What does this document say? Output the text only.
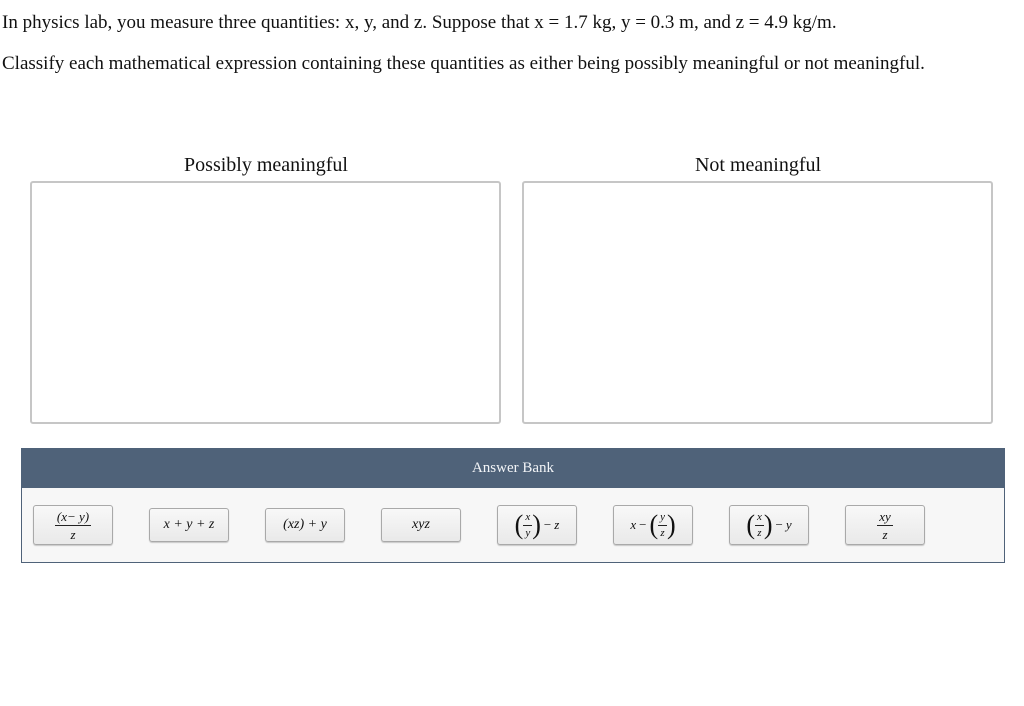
In physics lab, you measure three quantities: x, y, and z. Suppose that x = 1.7 kg, y = 0.3 m, and z = 4.9 kg/m.
Classify each mathematical expression containing these quantities as either being possibly meaningful or not meaningful.
Possibly meaningful	Not meaningful
Answer Bank
$\frac{(x- y)}{z}$	x + y + z	(xz) + y	xyz	( $\frac{x}{y}$ ) − z	x − ( $\frac{y}{z}$ )	( $\frac{x}{z}$ ) − y	$\frac{xy}{z}$
